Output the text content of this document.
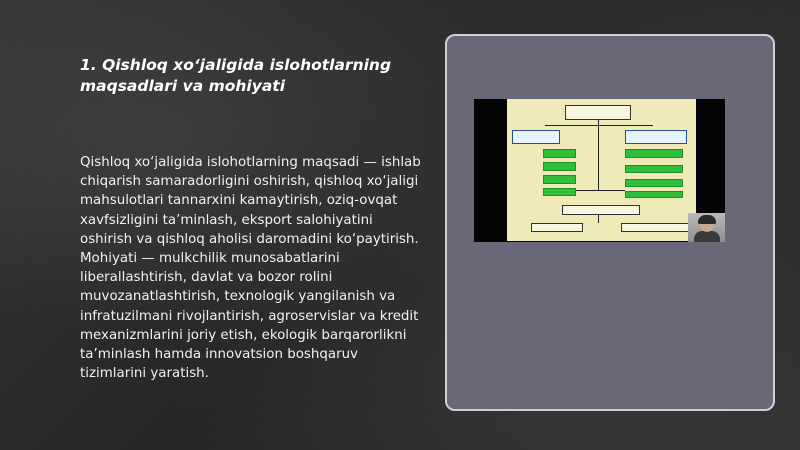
1. Qishloq xo‘jaligida islohotlarning maqsadlari va mohiyati
Qishloq xo‘jaligida islohotlarning maqsadi — ishlab chiqarish samaradorligini oshirish, qishloq xo‘jaligi mahsulotlari tannarxini kamaytirish, oziq-ovqat xavfsizligini ta’minlash, eksport salohiyatini oshirish va qishloq aholisi daromadini ko‘paytirish. Mohiyati — mulkchilik munosabatlarini liberallashtirish, davlat va bozor rolini muvozanatlashtirish, texnologik yangilanish va infratuzilmani rivojlantirish, agroservislar va kredit mexanizmlarini joriy etish, ekologik barqarorlikni ta’minlash hamda innovatsion boshqaruv tizimlarini yaratish.
